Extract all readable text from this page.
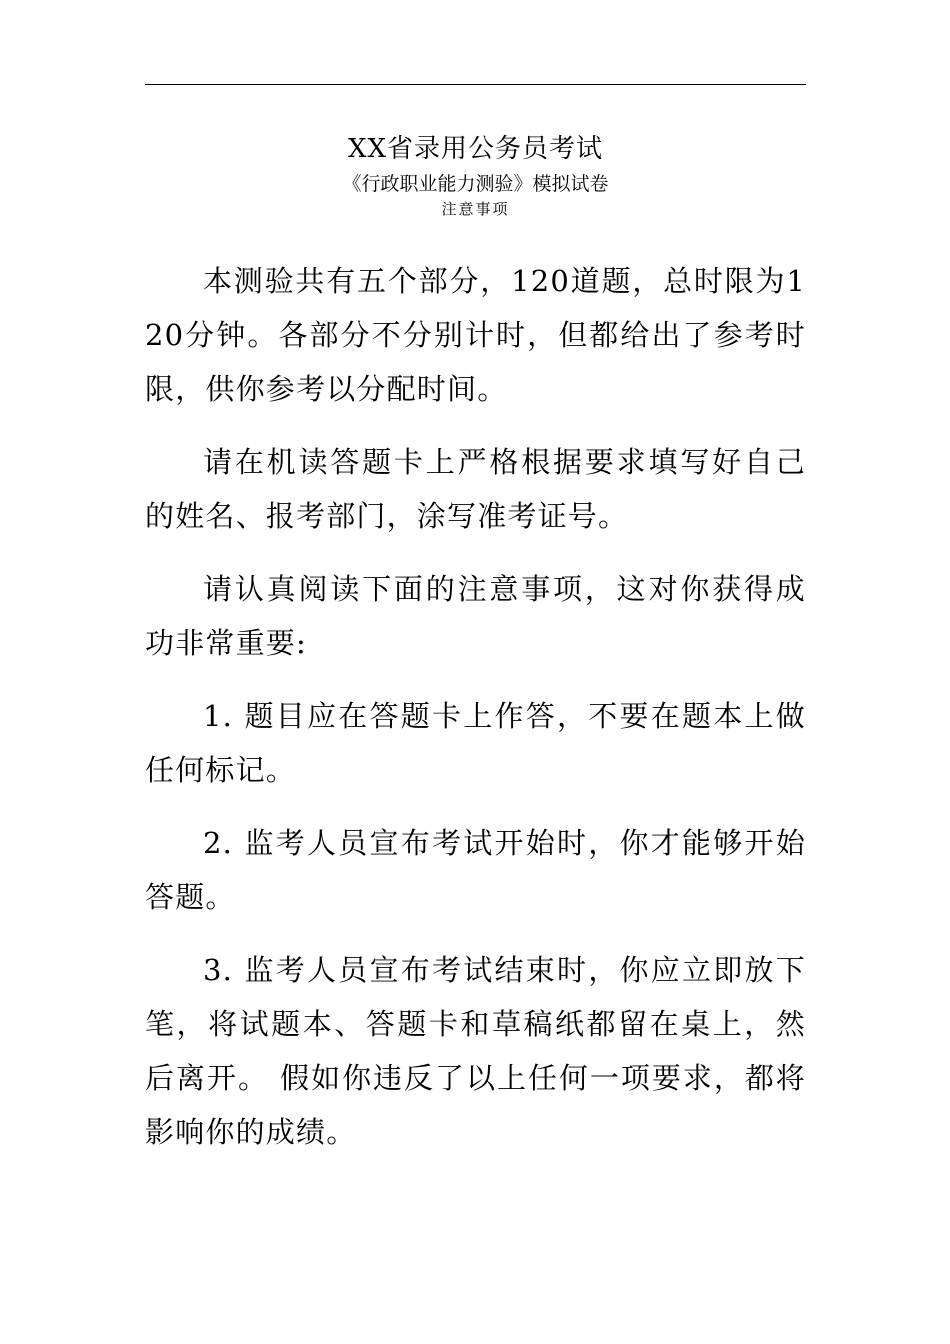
XX省录用公务员考试
《行政职业能力测验》模拟试卷
注意事项

本测验共有五个部分，120道题，总时限为120分钟。各部分不分别计时，但都给出了参考时限，供你参考以分配时间。

请在机读答题卡上严格根据要求填写好自己的姓名、报考部门，涂写准考证号。

请认真阅读下面的注意事项，这对你获得成功非常重要:

1. 题目应在答题卡上作答，不要在题本上做任何标记。

2. 监考人员宣布考试开始时，你才能够开始答题。

3. 监考人员宣布考试结束时，你应立即放下笔，将试题本、答题卡和草稿纸都留在桌上，然后离开。 假如你违反了以上任何一项要求，都将影响你的成绩。
